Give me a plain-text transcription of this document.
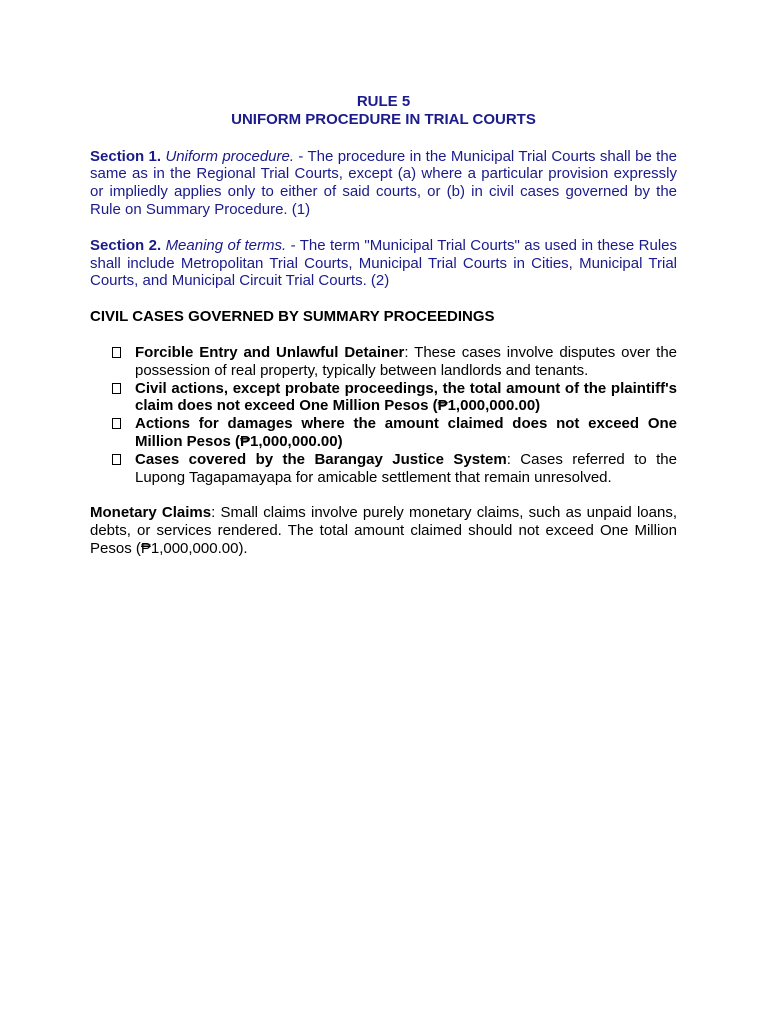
RULE 5
UNIFORM PROCEDURE IN TRIAL COURTS

Section 1. Uniform procedure. - The procedure in the Municipal Trial Courts shall be the same as in the Regional Trial Courts, except (a) where a particular provision expressly or impliedly applies only to either of said courts, or (b) in civil cases governed by the Rule on Summary Procedure. (1)

Section 2. Meaning of terms. - The term "Municipal Trial Courts" as used in these Rules shall include Metropolitan Trial Courts, Municipal Trial Courts in Cities, Municipal Trial Courts, and Municipal Circuit Trial Courts. (2)

CIVIL CASES GOVERNED BY SUMMARY PROCEEDINGS

Forcible Entry and Unlawful Detainer: These cases involve disputes over the possession of real property, typically between landlords and tenants.
Civil actions, except probate proceedings, the total amount of the plaintiff's claim does not exceed One Million Pesos (₱1,000,000.00)
Actions for damages where the amount claimed does not exceed One Million Pesos (₱1,000,000.00)
Cases covered by the Barangay Justice System: Cases referred to the Lupong Tagapamayapa for amicable settlement that remain unresolved.

Monetary Claims: Small claims involve purely monetary claims, such as unpaid loans, debts, or services rendered. The total amount claimed should not exceed One Million Pesos (₱1,000,000.00).
